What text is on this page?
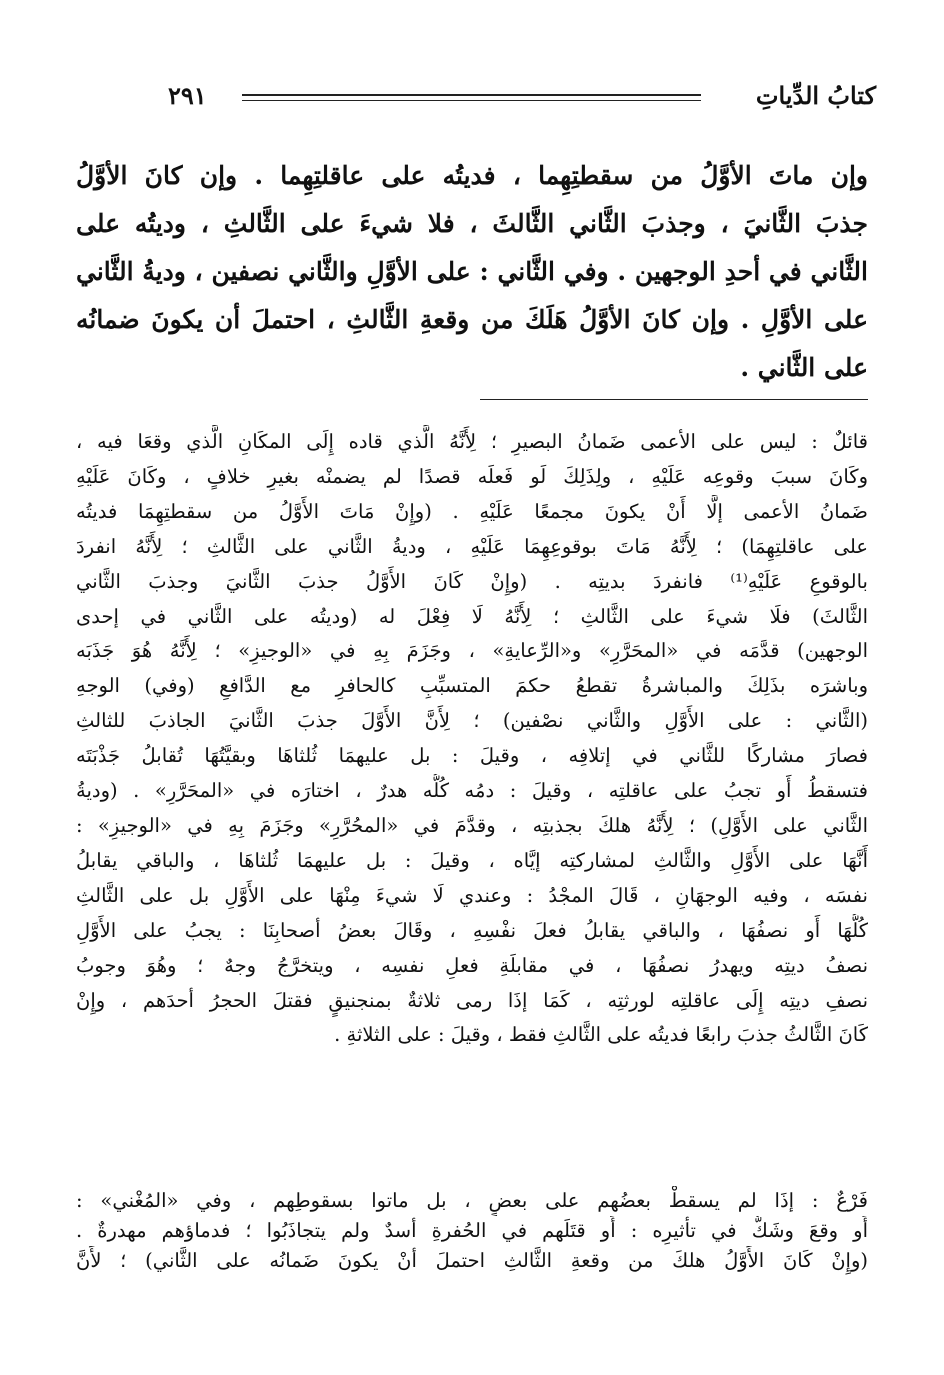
كتابُ الدِّياتِ
٢٩١
وإن ماتَ الأوَّلُ من سقطتِهِما ، فديتُه على عاقلتِهِما . وإن كانَ الأوَّلُ
جذبَ الثَّانيَ ، وجذبَ الثَّاني الثَّالثَ ، فلا شيءَ على الثَّالثِ ، وديتُه على
الثَّاني في أحدِ الوجهين . وفي الثَّاني : على الأوَّلِ والثَّاني نصفين ، وديةُ الثَّاني
على الأوَّلِ . وإن كانَ الأوَّلُ هَلَكَ من وقعةِ الثَّالثِ ، احتملَ أن يكونَ ضمانُه
على الثَّاني .
قائلٌ : ليس على الأعمى ضَمانُ البصيرِ ؛ لِأَنَّهُ الَّذي قاده إِلَى المكَانِ الَّذي وقعَا فيه ،
وكَانَ سببَ وقوعِه عَلَيْهِ ، ولِذَلِكَ لَو فَعلَه قصدًا لم يضمنْه بغيرِ خلافٍ ، وكَانَ عَلَيْهِ
ضَمانُ الأعمى إلَّا أَنْ يكونَ مجمعًا عَلَيْهِ . (وإِنْ مَاتَ الأَوَّلُ من سقطتِهِمَا فديتُه
على عاقلتِهِمَا) ؛ لِأَنَّهُ مَاتَ بوقوعِهِمَا عَلَيْهِ ، وديةُ الثَّاني على الثَّالثِ ؛ لِأَنَّهُ انفردَ
بالوقوعِ عَلَيْهِ⁽¹⁾ فانفردَ بديتِه . (وإِنْ كَانَ الأَوَّلُ جذبَ الثَّانيَ وجذبَ الثَّاني
الثَّالثَ) فلَا شيءَ على الثَّالثِ ؛ لِأَنَّهُ لَا فِعْلَ له (وديتُه على الثَّاني في إحدى
الوجهين) قدَّمَه في «المحَرَّرِ» و«الرِّعايةِ» ، وجَزَمَ بِهِ في «الوجيزِ» ؛ لِأَنَّهُ هُوَ جَذَبَه
وباشرَه بذَلِكَ والمباشرةُ تقطعُ حكمَ المتسبِّبِ كالحافرِ مع الدَّافعِ (وفي) الوجهِ
(الثَّاني : على الأَوَّلِ والثَّاني نصْفين) ؛ لِأَنَّ الأَوَّلَ جذبَ الثَّانيَ الجاذبَ للثالثِ
فصارَ مشاركًا للثَّاني في إتلافِه ، وقيلَ : بل عليهمَا ثُلثاهَا وبقيَّتُهَا تُقابلُ جَذْبَتَه
فتسقطُ أَو تجبُ على عاقلتِه ، وقيلَ : دمُه كُلُّه هدرٌ ، اختارَه في «المحَرَّرِ» . (وديةُ
الثَّاني على الأَوَّلِ) ؛ لِأَنَّهُ هلكَ بجذبتِه ، وقدَّمَ في «المحُرَّرِ» وجَزَمَ بِهِ في «الوجيزِ» :
أَنَّهَا على الأَوَّلِ والثَّالثِ لمشاركتِه إيَّاه ، وقيلَ : بل عليهمَا ثُلثاهَا ، والباقي يقابلُ
نفسَه ، وفيه الوجهَانِ ، قَالَ المجْدُ : وعندي لَا شيءَ مِنْهَا على الأَوَّلِ بل على الثَّالثِ
كُلُّهَا أَو نصفُهَا ، والباقي يقابلُ فعلَ نفْسِهِ ، وقَالَ بعضُ أصحابِنَا : يجبُ على الأَوَّلِ
نصفُ ديتِه ويهدرُ نصفُهَا ، في مقابلَةِ فعلِ نفسِه ، ويتخرَّجُ وجهٌ ؛ وهُوَ وجوبُ
نصفِ ديتِه إِلَى عاقلتِه لورثتِه ، كَمَا إذَا رمى ثلاثةٌ بمنجنيقٍ فقتلَ الحجرُ أحدَهم ، وإِنْ
كَانَ الثَّالثُ جذبَ رابعًا فديتُه على الثَّالثِ فقط ، وقيلَ : على الثلاثةِ .
فَرْعٌ : إذَا لم يسقطْ بعضُهم على بعضٍ ، بل ماتوا بسقوطِهم ، وفي «المُغْني» :
أَو وقعَ وشَكٌّ في تأثيرِه : أَو قتَلَهم في الحُفرةِ أسدٌ ولم يتجاذَبُوا ؛ فدماؤهم مهدرةٌ .
(وإِنْ كَانَ الأَوَّلُ هلكَ من وقعةِ الثَّالثِ احتملَ أنْ يكونَ ضَمانُه على الثَّاني) ؛ لأَنَّ
